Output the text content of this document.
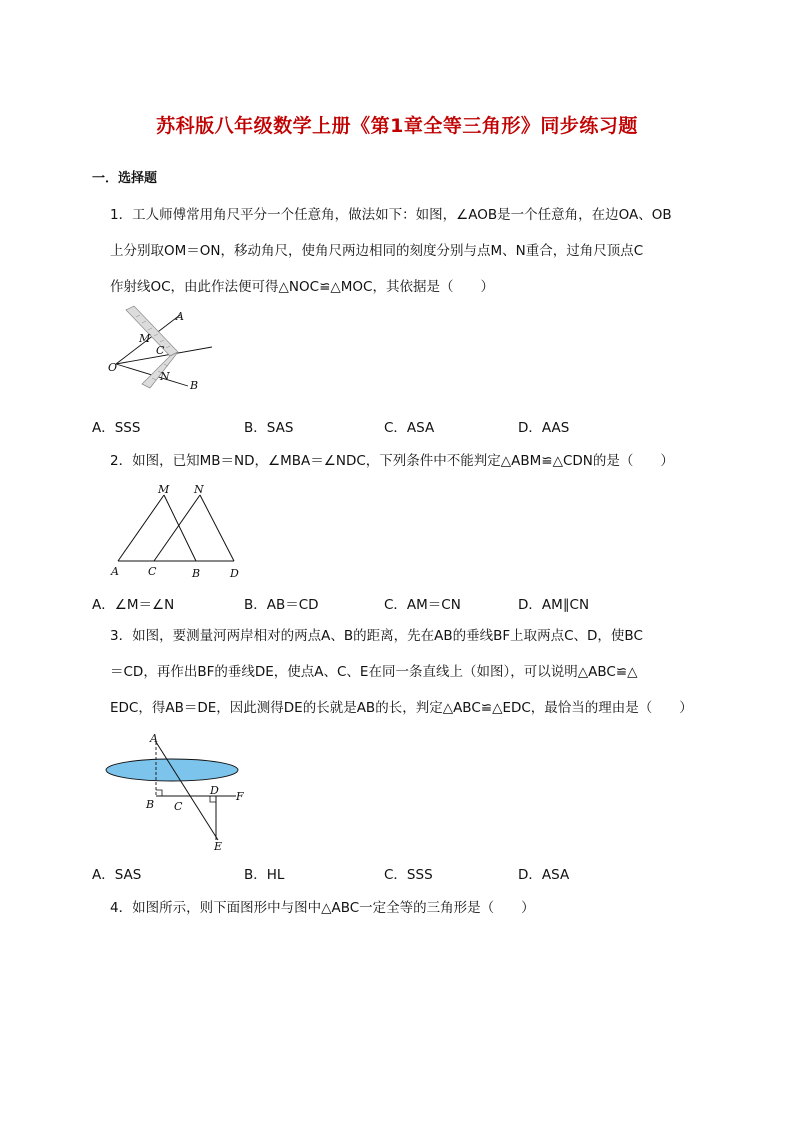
苏科版八年级数学上册《第1章全等三角形》同步练习题
一．选择题

1．工人师傅常用角尺平分一个任意角，做法如下：如图，∠AOB是一个任意角，在边OA、OB

上分别取OM＝ON，移动角尺，使角尺两边相同的刻度分别与点M、N重合，过角尺顶点C

作射线OC，由此作法便可得△NOC≌△MOC，其依据是（　　）

A
B
O
M
N
C
A．SSS	B．SAS	C．ASA	D．AAS

2．如图，已知MB＝ND，∠MBA＝∠NDC，下列条件中不能判定△ABM≌△CDN的是（　　）

M N
A	C	B	D
A．∠M＝∠N	B．AB＝CD	C．AM＝CN	D．AM∥CN

3．如图，要测量河两岸相对的两点A、B的距离，先在AB的垂线BF上取两点C、D，使BC

＝CD，再作出BF的垂线DE，使点A、C、E在同一条直线上（如图），可以说明△ABC≌△

EDC，得AB＝DE，因此测得DE的长就是AB的长，判定△ABC≌△EDC，最恰当的理由是（　　）

A
B C
D F
E
A．SAS	B．HL	C．SSS	D．ASA

4．如图所示，则下面图形中与图中△ABC一定全等的三角形是（　　）
